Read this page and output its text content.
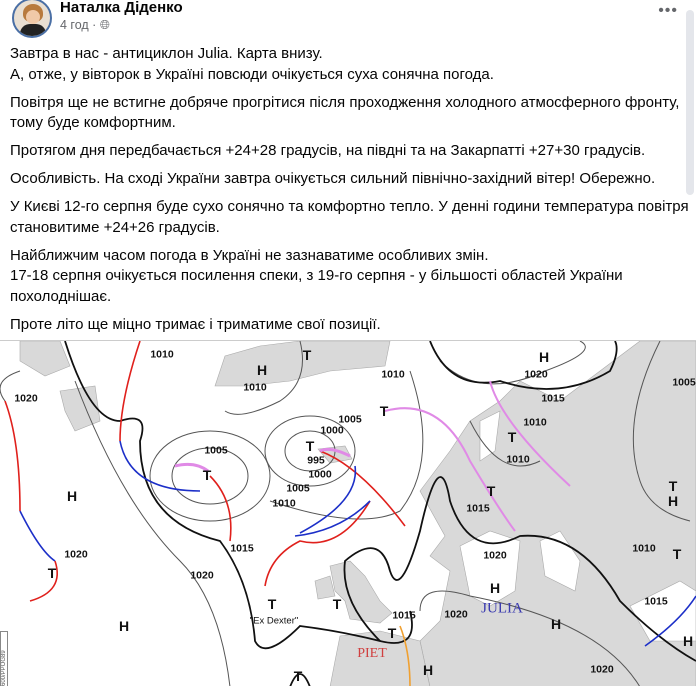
Наталка Діденко
4 год · 🌐︎
•••

Завтра в нас - антициклон Julia. Карта внизу.
А, отже, у вівторок в Україні повсюди очікується суха сонячна погода.

Повітря ще не встигне добряче прогрітися після проходження холодного атмосферного фронту, тому буде комфортним.

Протягом дня передбачається +24+28 градусів, на півдні та на Закарпатті +27+30 градусів.

Особливість. На сході України завтра очікується сильний північно-західний вітер! Обережно.

У Києві 12-го серпня буде сухо сонячно та комфортно тепло. У денні години температура повітря становитиме +24+26 градусів.

Найближчим часом погода в Україні не зазнаватиме особливих змін.
17-18 серпня очікується посилення спеки, з 19-го серпня - у більшості областей України похолоднішає.

Проте літо ще міцно тримає і триматиме свої позиції.

600/PPOG89
1010
1010
1010	1020
1015
1005
1020
1005
1000
995
1000
1005
1005
1010
1010
1010
1015
1015
1020
1020
1010
1020
1015
1015	1020
1020
H
H
H
H
H
H
H
H
H
T
T
T
T
T
T	T
T
T
T	T
T
T
"Ex Dexter"
JULIA
PIET
